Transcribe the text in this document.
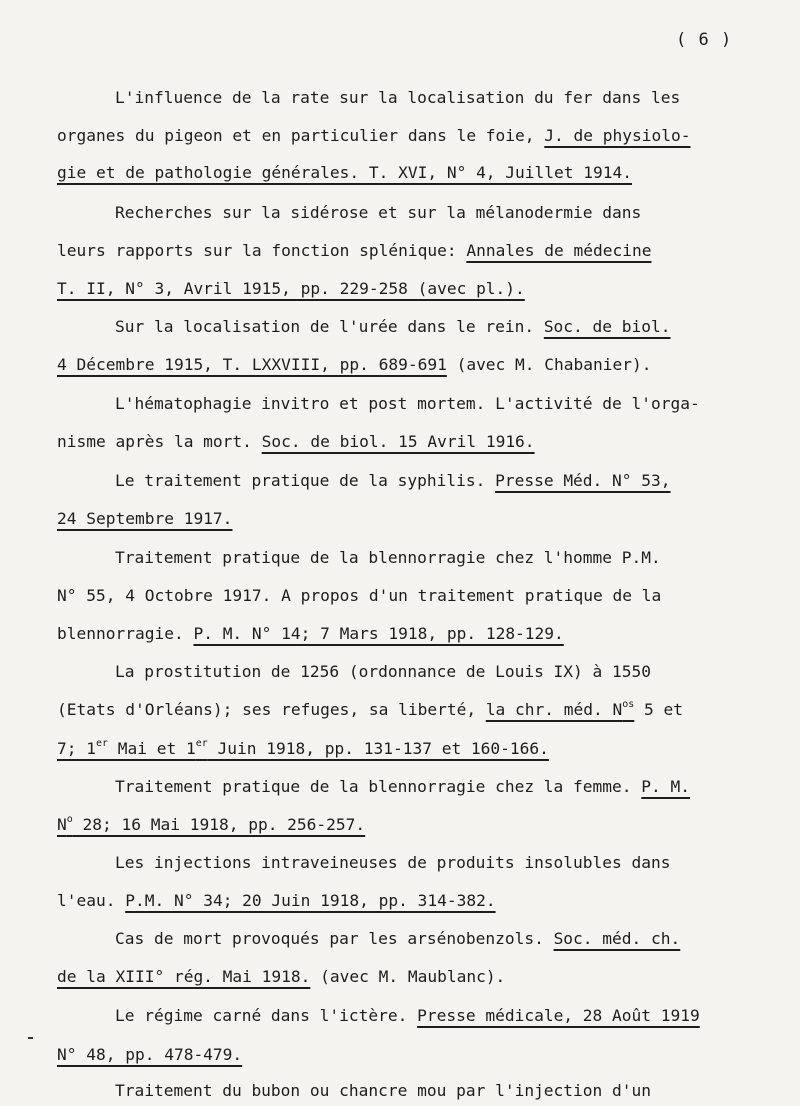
( 6 )
L'influence de la rate sur la localisation du fer dans les
organes du pigeon et en particulier dans le foie, J. de physiolo-
gie et de pathologie générales. T. XVI, N° 4, Juillet 1914.
Recherches sur la sidérose et sur la mélanodermie dans
leurs rapports sur la fonction splénique: Annales de médecine
T. II, N° 3, Avril 1915, pp. 229-258 (avec pl.).
Sur la localisation de l'urée dans le rein. Soc. de biol.
4 Décembre 1915, T. LXXVIII, pp. 689-691 (avec M. Chabanier).
L'hématophagie invitro et post mortem. L'activité de l'orga-
nisme après la mort. Soc. de biol. 15 Avril 1916.
Le traitement pratique de la syphilis. Presse Méd. N° 53,
24 Septembre 1917.
Traitement pratique de la blennorragie chez l'homme P.M.
N° 55, 4 Octobre 1917. A propos d'un traitement pratique de la
blennorragie. P. M. N° 14; 7 Mars 1918, pp. 128-129.
La prostitution de 1256 (ordonnance de Louis IX) à 1550
(Etats d'Orléans); ses refuges, sa liberté, la chr. méd. $N^{os}$ 5 et
7; 1er Mai et 1er Juin 1918, pp. 131-137 et 160-166.
Traitement pratique de la blennorragie chez la femme. P. M.
$N^o$ 28; 16 Mai 1918, pp. 256-257.
Les injections intraveineuses de produits insolubles dans
l'eau. P.M. N° 34; 20 Juin 1918, pp. 314-382.
Cas de mort provoqués par les arsénobenzols. Soc. méd. ch.
de la XIII° rég. Mai 1918. (avec M. Maublanc).
Le régime carné dans l'ictère. Presse médicale, 28 Août 1919
N° 48, pp. 478-479.
Traitement du bubon ou chancre mou par l'injection d'un
